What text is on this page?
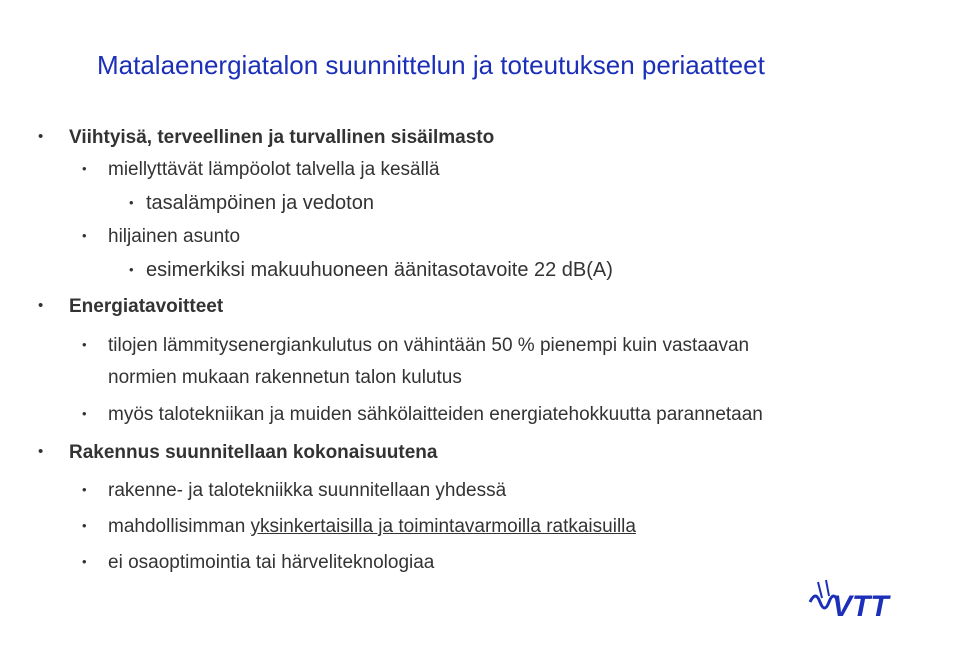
Matalaenergiatalon suunnittelun ja toteutuksen periaatteet
• Viihtyisä, terveellinen ja turvallinen sisäilmasto
• miellyttävät lämpöolot talvella ja kesällä
• tasalämpöinen ja vedoton
• hiljainen asunto
• esimerkiksi makuuhuoneen äänitasotavoite 22 dB(A)
• Energiatavoitteet
• tilojen lämmitysenergiankulutus on vähintään 50 % pienempi kuin vastaavan
normien mukaan rakennetun talon kulutus
• myös talotekniikan ja muiden sähkölaitteiden energiatehokkuutta parannetaan
• Rakennus suunnitellaan kokonaisuutena
• rakenne- ja talotekniikka suunnitellaan yhdessä
• mahdollisimman yksinkertaisilla ja toimintavarmoilla ratkaisuilla
• ei osaoptimointia tai härveliteknologiaa
VTT
